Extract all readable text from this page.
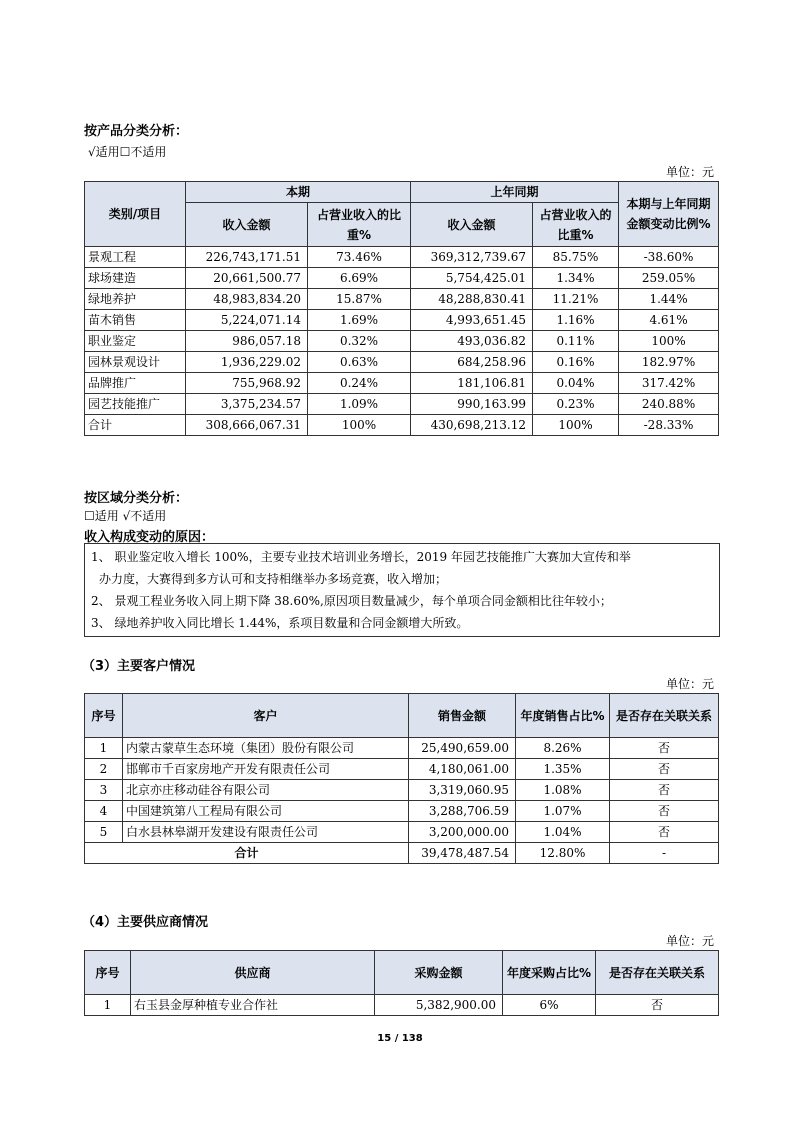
按产品分类分析：
√适用☐不适用
单位：元
类别/项目	本期		上年同期		本期与上年同期金额变动比例%
	收入金额	占营业收入的比重%	收入金额	占营业收入的比重%	
景观工程	226,743,171.51	73.46%	369,312,739.67	85.75%	-38.60%
球场建造	20,661,500.77	6.69%	5,754,425.01	1.34%	259.05%
绿地养护	48,983,834.20	15.87%	48,288,830.41	11.21%	1.44%
苗木销售	5,224,071.14	1.69%	4,993,651.45	1.16%	4.61%
职业鉴定	986,057.18	0.32%	493,036.82	0.11%	100%
园林景观设计	1,936,229.02	0.63%	684,258.96	0.16%	182.97%
品牌推广	755,968.92	0.24%	181,106.81	0.04%	317.42%
园艺技能推广	3,375,234.57	1.09%	990,163.99	0.23%	240.88%
合计	308,666,067.31	100%	430,698,213.12	100%	-28.33%
按区域分类分析：
☐适用 √不适用
收入构成变动的原因：
1、 职业鉴定收入增长 100%，主要专业技术培训业务增长，2019 年园艺技能推广大赛加大宣传和举
办力度，大赛得到多方认可和支持相继举办多场竞赛，收入增加；
2、 景观工程业务收入同上期下降 38.60%,原因项目数量减少，每个单项合同金额相比往年较小；
3、 绿地养护收入同比增长 1.44%，系项目数量和合同金额增大所致。
（3）主要客户情况
单位：元
序号	客户	销售金额	年度销售占比%	是否存在关联关系
1	内蒙古蒙草生态环境（集团）股份有限公司	25,490,659.00	8.26%	否
2	邯郸市千百家房地产开发有限责任公司	4,180,061.00	1.35%	否
3	北京亦庄移动硅谷有限公司	3,319,060.95	1.08%	否
4	中国建筑第八工程局有限公司	3,288,706.59	1.07%	否
5	白水县林皋湖开发建设有限责任公司	3,200,000.00	1.04%	否
合计		39,478,487.54	12.80%	-
（4）主要供应商情况
单位：元
序号	供应商	采购金额	年度采购占比%	是否存在关联关系
1	右玉县金厚种植专业合作社	5,382,900.00	6%	否
15 / 138
